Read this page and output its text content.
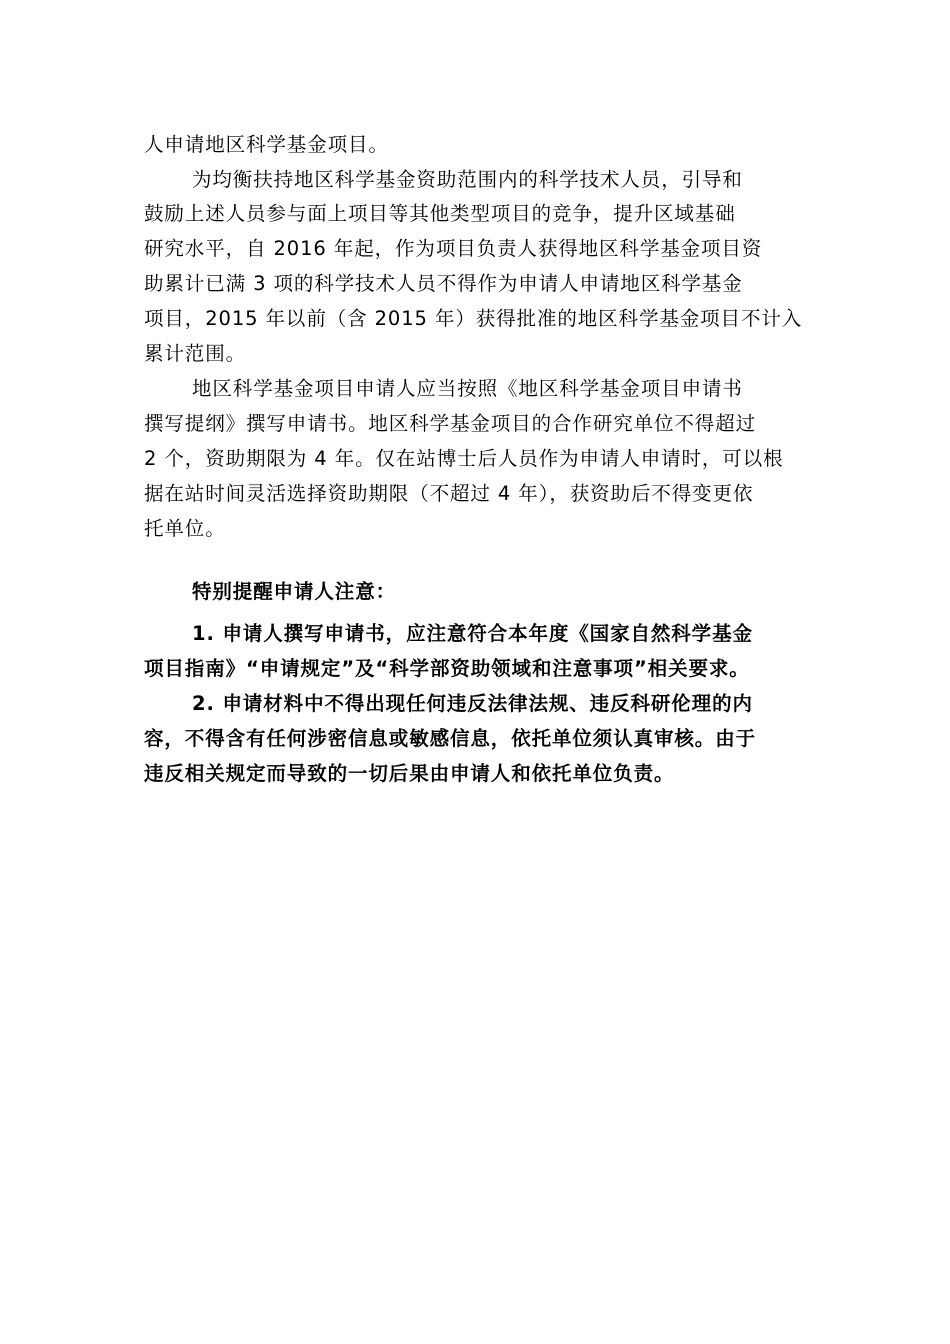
人申请地区科学基金项目。
为均衡扶持地区科学基金资助范围内的科学技术人员，引导和
鼓励上述人员参与面上项目等其他类型项目的竞争，提升区域基础
研究水平，自 2016 年起，作为项目负责人获得地区科学基金项目资
助累计已满 3 项的科学技术人员不得作为申请人申请地区科学基金
项目，2015 年以前（含 2015 年）获得批准的地区科学基金项目不计入
累计范围。
地区科学基金项目申请人应当按照《地区科学基金项目申请书
撰写提纲》撰写申请书。地区科学基金项目的合作研究单位不得超过
2 个，资助期限为 4 年。仅在站博士后人员作为申请人申请时，可以根
据在站时间灵活选择资助期限（不超过 4 年），获资助后不得变更依
托单位。
特别提醒申请人注意：
1. 申请人撰写申请书，应注意符合本年度《国家自然科学基金
项目指南》“申请规定”及“科学部资助领域和注意事项”相关要求。
2. 申请材料中不得出现任何违反法律法规、违反科研伦理的内
容，不得含有任何涉密信息或敏感信息，依托单位须认真审核。由于
违反相关规定而导致的一切后果由申请人和依托单位负责。
